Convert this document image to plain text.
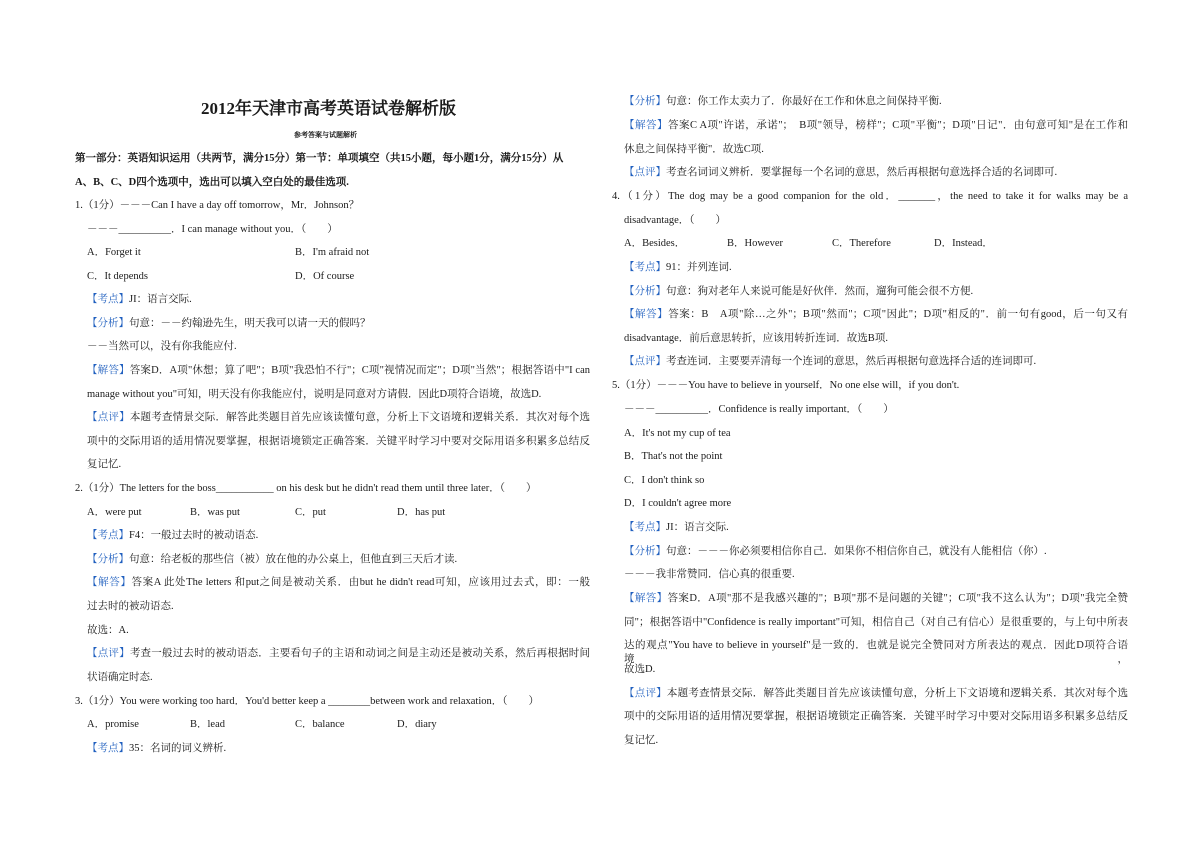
2012年天津市高考英语试卷解析版
参考答案与试题解析
第一部分：英语知识运用（共两节，满分15分）第一节：单项填空（共15小题，每小题1分，满分15分）从
A、B、C、D四个选项中，选出可以填入空白处的最佳选项.
1.（1分）－－－Can I have a day off tomorrow，Mr．Johnson？
－－－__________．I can manage without you．（　　）
A．Forget it	B．I'm afraid not
C．It depends	D．Of course
【考点】JI：语言交际.
【分析】句意：－－约翰逊先生，明天我可以请一天的假吗？
－－当然可以，没有你我能应付.
【解答】答案D．A项"休想；算了吧"；B项"我恐怕不行"；C项"视情况而定"；D项"当然"；根据答语中"I can
manage without you"可知，明天没有你我能应付，说明是同意对方请假．因此D项符合语境，故选D.
【点评】本题考查情景交际．解答此类题目首先应该读懂句意，分析上下文语境和逻辑关系．其次对每个选
项中的交际用语的适用情况要掌握，根据语境锁定正确答案．关键平时学习中要对交际用语多积累多总结反
复记忆.
2.（1分）The letters for the boss___________ on his desk but he didn't read them until three later．（　　）
A．were put	B．was put	C．put	D．has put
【考点】F4：一般过去时的被动语态.
【分析】句意：给老板的那些信（被）放在他的办公桌上，但他直到三天后才读.
【解答】答案A 此处The letters 和put之间是被动关系．由but he didn't read可知，应该用过去式，即：一般
过去时的被动语态.
故选：A.
【点评】考查一般过去时的被动语态．主要看句子的主语和动词之间是主动还是被动关系，然后再根据时间
状语确定时态.
3.（1分）You were working too hard．You'd better keep a ________between work and relaxation．（　　）
A．promise	B．lead	C．balance	D．diary
【考点】35：名词的词义辨析.
【分析】句意：你工作太卖力了．你最好在工作和休息之间保持平衡.
【解答】答案C A项"许诺，承诺"；　B项"领导，榜样"；C项"平衡"；D项"日记"．由句意可知"是在工作和
休息之间保持平衡"．故选C项.
【点评】考查名词词义辨析．要掌握每一个名词的意思，然后再根据句意选择合适的名词即可.
4.（1分）The dog may be a good companion for the old．_______，the need to take it for walks may be a
disadvantage．（　　）
A．Besides．	B．However	C．Therefore	D．Instead．
【考点】91：并列连词.
【分析】句意：狗对老年人来说可能是好伙伴．然而，遛狗可能会很不方便.
【解答】答案：B　A项"除…之外"；B项"然而"；C项"因此"；D项"相反的"．前一句有good，后一句又有
disadvantage．前后意思转折，应该用转折连词．故选B项.
【点评】考查连词．主要要弄清每一个连词的意思，然后再根据句意选择合适的连词即可.
5.（1分）－－－You have to believe in yourself．No one else will，if you don't.
－－－__________．Confidence is really important．（　　）
A．It's not my cup of tea
B．That's not the point
C．I don't think so
D．I couldn't agree more
【考点】JI：语言交际.
【分析】句意：－－－你必须要相信你自己．如果你不相信你自己，就没有人能相信（你）.
－－－我非常赞同．信心真的很重要.
【解答】答案D．A项"那不是我感兴趣的"；B项"那不是问题的关键"；C项"我不这么认为"；D项"我完全赞
同"；根据答语中"Confidence is really important"可知，相信自己（对自己有信心）是很重要的，与上句中所表
达的观点"You have to believe in yourself"是一致的．也就是说完全赞同对方所表达的观点．因此D项符合语境，
故选D.
【点评】本题考查情景交际．解答此类题目首先应该读懂句意，分析上下文语境和逻辑关系．其次对每个选
项中的交际用语的适用情况要掌握，根据语境锁定正确答案．关键平时学习中要对交际用语多积累多总结反
复记忆.
